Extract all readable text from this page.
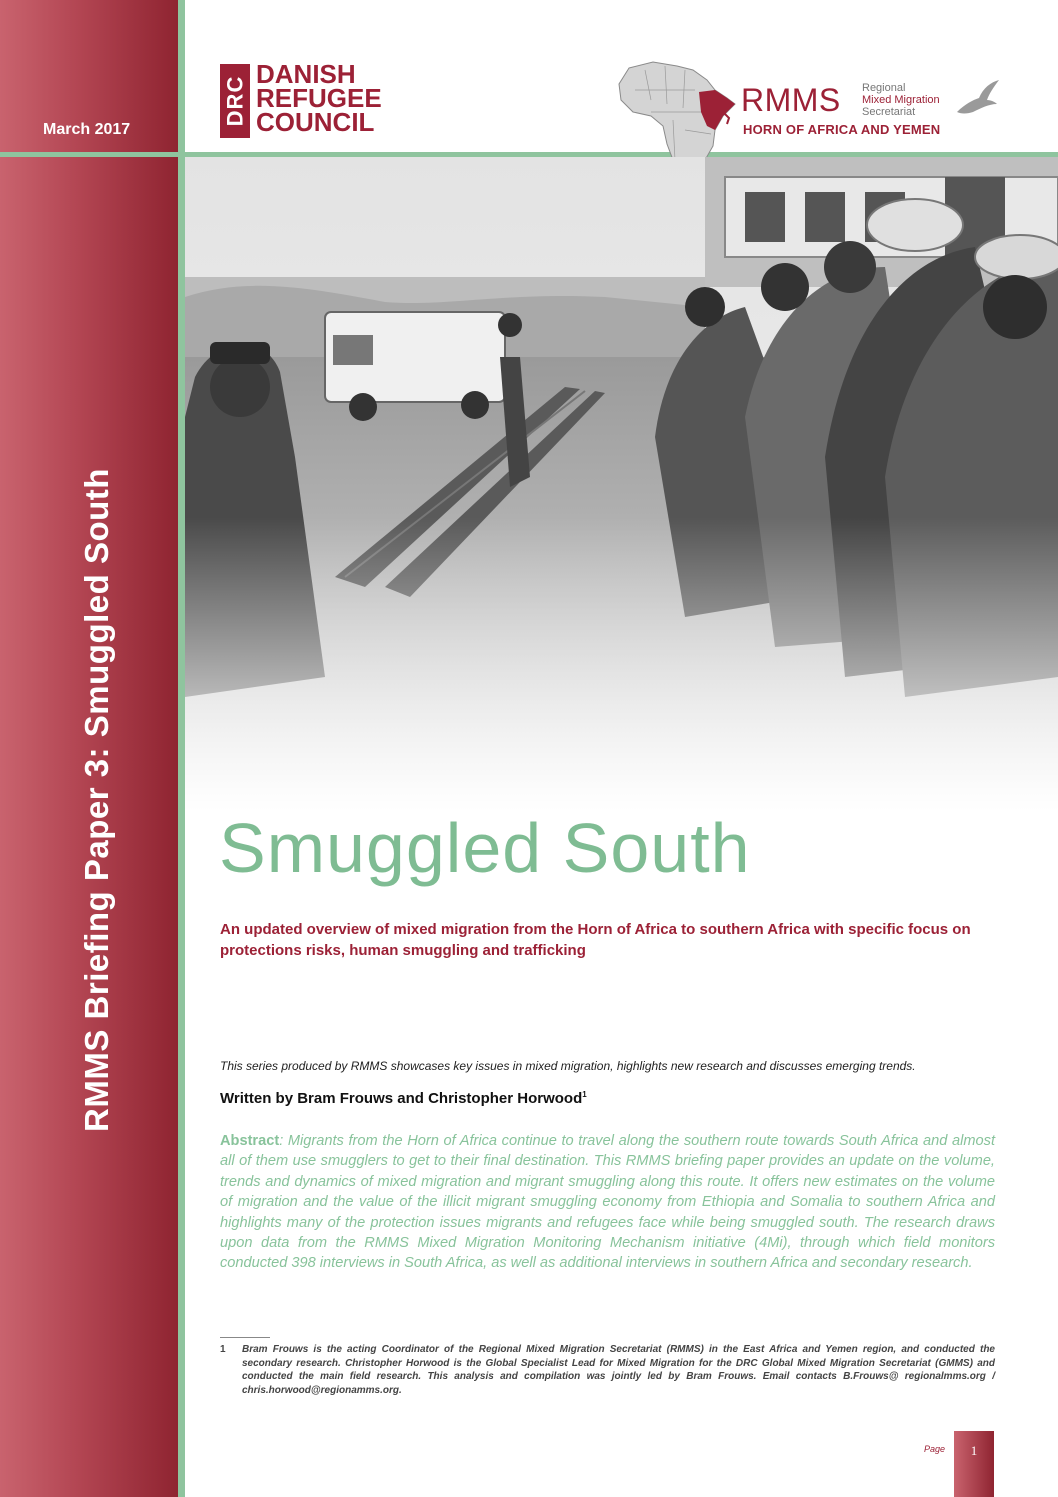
March 2017
RMMS Briefing Paper 3: Smuggled South
DRC
DANISH
REFUGEE
COUNCIL
RMMS Regional
Mixed Migration
Secretariat
HORN OF AFRICA AND YEMEN
Smuggled South
An updated overview of mixed migration from the Horn of Africa to southern Africa with specific focus on protections risks, human smuggling and trafficking
This series produced by RMMS showcases key issues in mixed migration, highlights new research and discusses emerging trends.
Written by Bram Frouws and Christopher Horwood$^1$
Abstract: Migrants from the Horn of Africa continue to travel along the southern route towards South Africa and almost all of them use smugglers to get to their final destination. This RMMS briefing paper provides an update on the volume, trends and dynamics of mixed migration and migrant smuggling along this route. It offers new estimates on the volume of migration and the value of the illicit migrant smuggling economy from Ethiopia and Somalia to southern Africa and highlights many of the protection issues migrants and refugees face while being smuggled south. The research draws upon data from the RMMS Mixed Migration Monitoring Mechanism initiative (4Mi), through which field monitors conducted 398 interviews in South Africa, as well as additional interviews in southern Africa and secondary research.
1 Bram Frouws is the acting Coordinator of the Regional Mixed Migration Secretariat (RMMS) in the East Africa and Yemen region, and conducted the secondary research. Christopher Horwood is the Global Specialist Lead for Mixed Migration for the DRC Global Mixed Migration Secretariat (GMMS) and conducted the main field research. This analysis and compilation was jointly led by Bram Frouws. Email contacts B.Frouws@ regionalmms.org / chris.horwood@regionamms.org.
Page	1
